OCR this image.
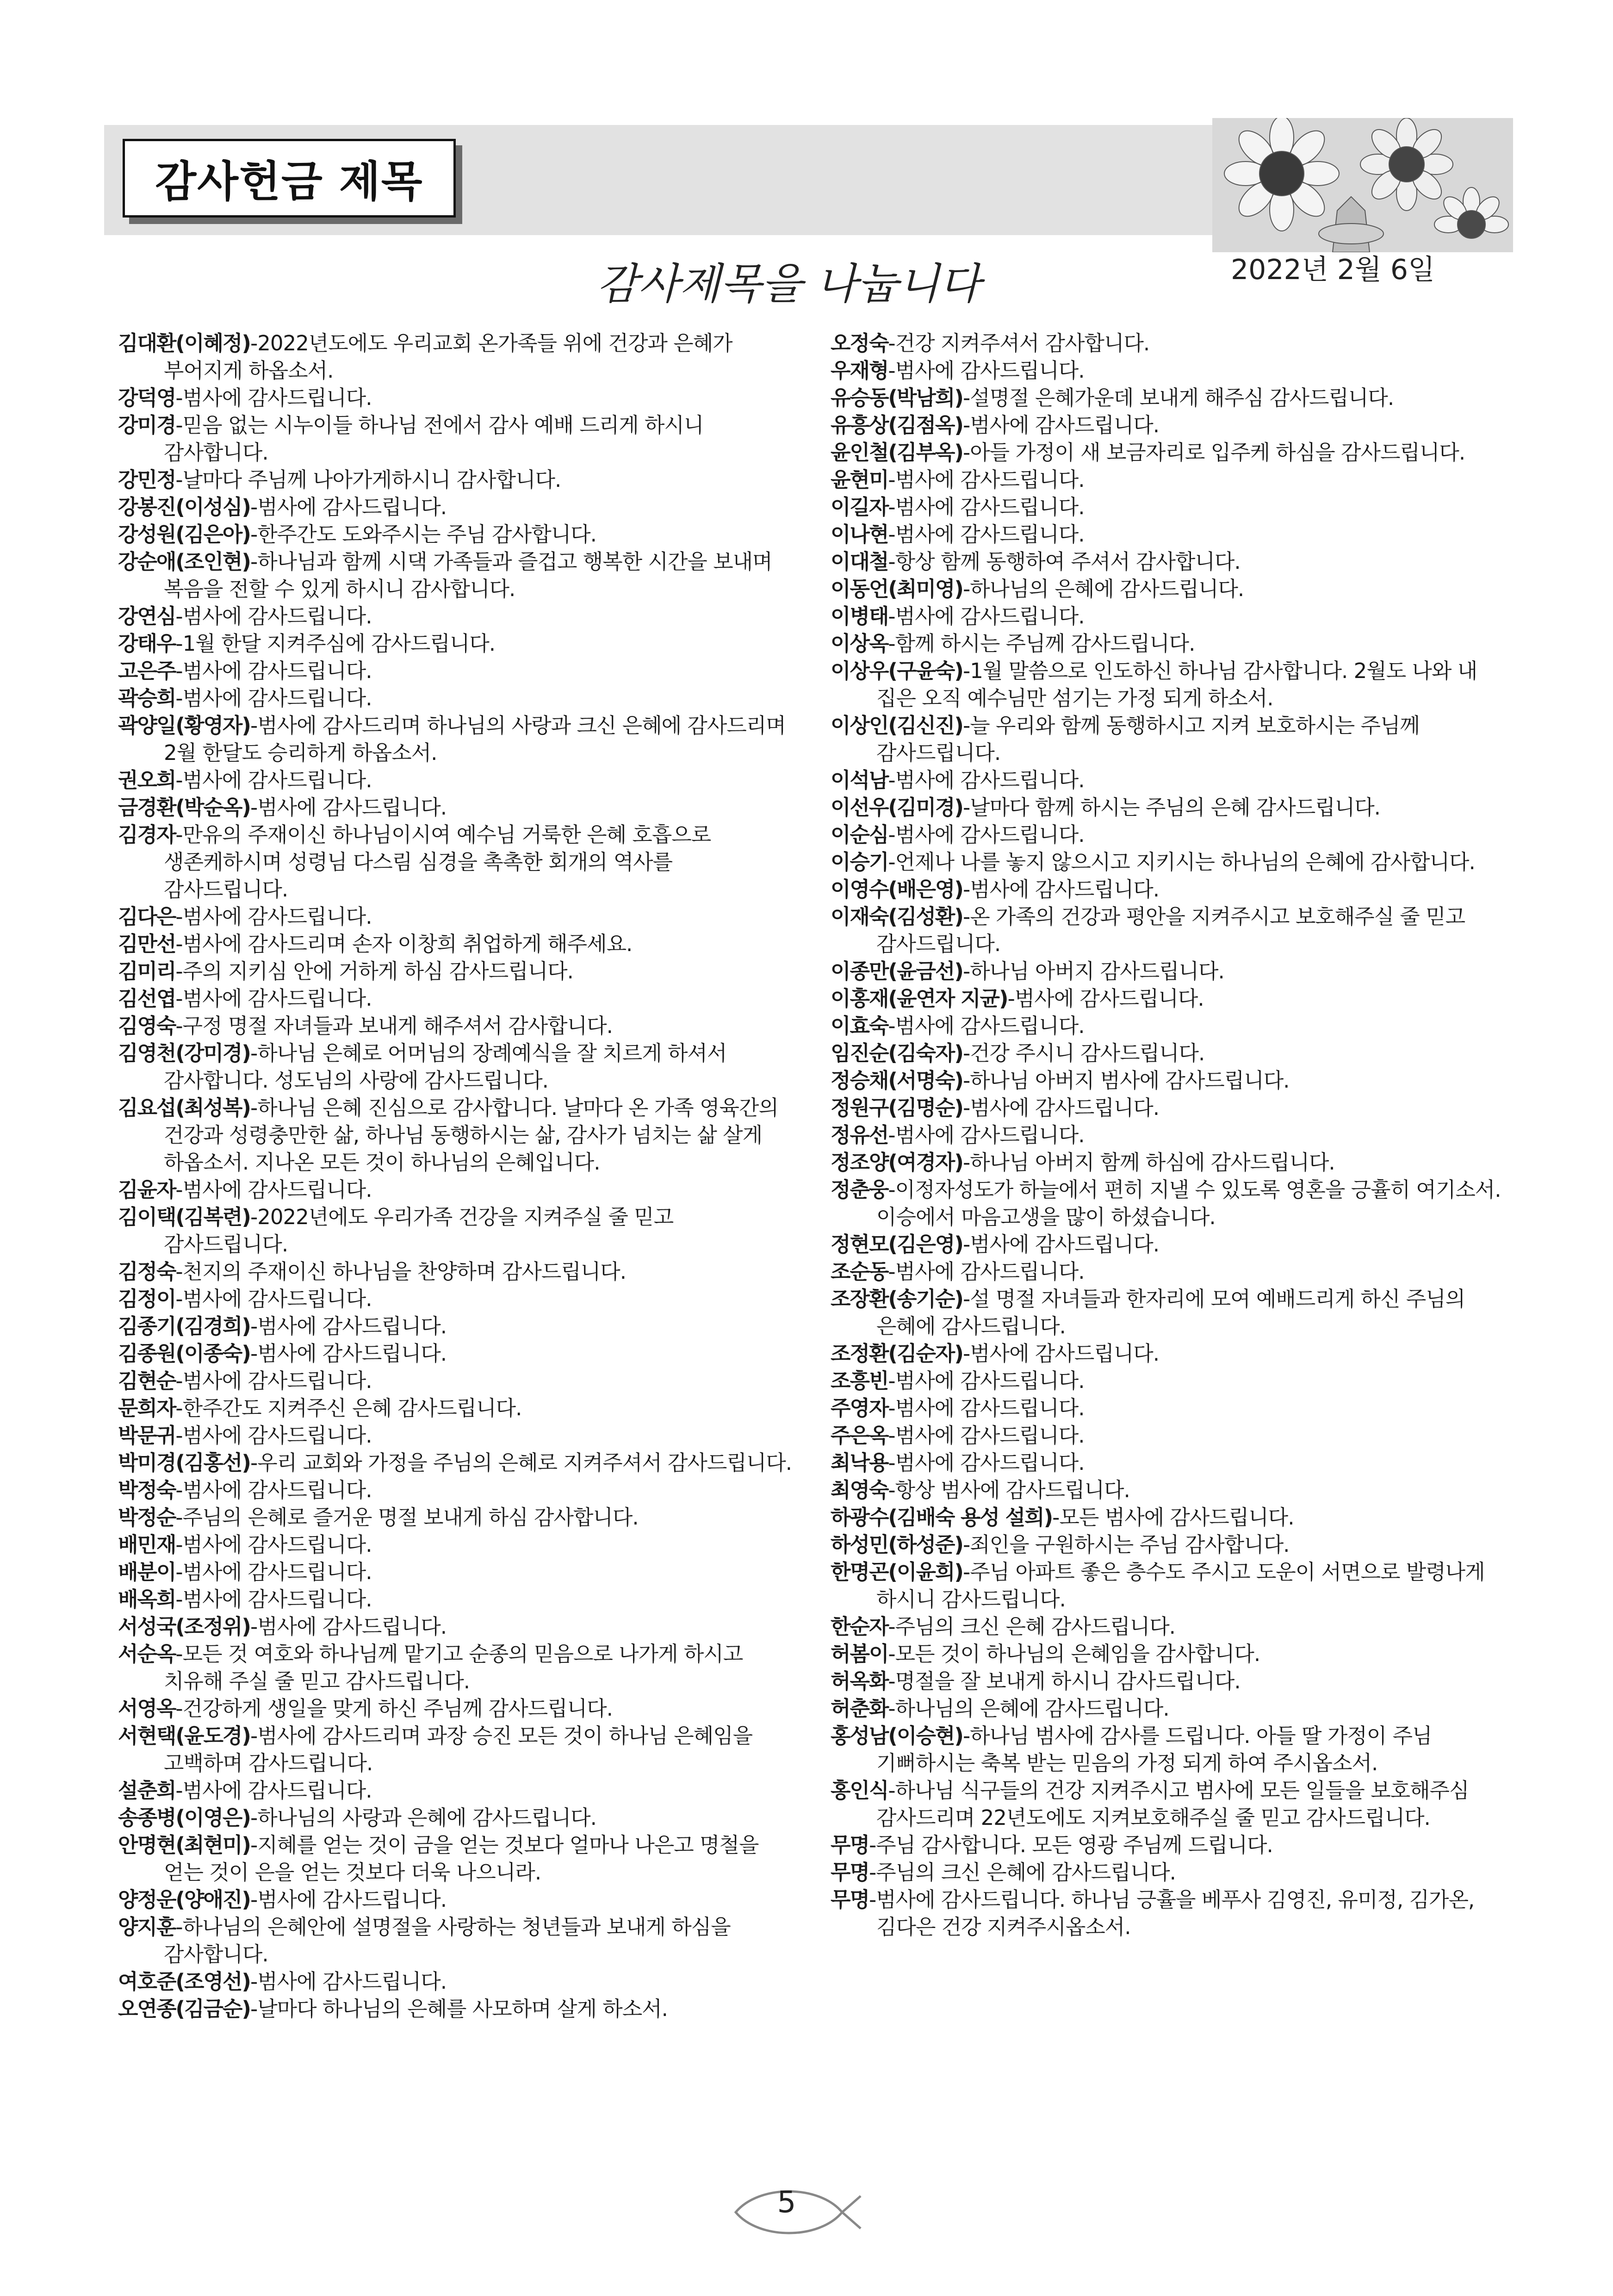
감사헌금 제목
감사제목을 나눕니다	2022년 2월 6일
김대환(이혜정)-2022년도에도 우리교회 온가족들 위에 건강과 은혜가 부어지게 하옵소서.
강덕영-범사에 감사드립니다.
강미경-믿음 없는 시누이들 하나님 전에서 감사 예배 드리게 하시니 감사합니다.
강민정-날마다 주님께 나아가게하시니 감사합니다.
강봉진(이성심)-범사에 감사드립니다.
강성원(김은아)-한주간도 도와주시는 주님 감사합니다.
강순애(조인현)-하나님과 함께 시댁 가족들과 즐겁고 행복한 시간을 보내며 복음을 전할 수 있게 하시니 감사합니다.
강연심-범사에 감사드립니다.
강태우-1월 한달 지켜주심에 감사드립니다.
고은주-범사에 감사드립니다.
곽승희-범사에 감사드립니다.
곽양일(황영자)-범사에 감사드리며 하나님의 사랑과 크신 은혜에 감사드리며 2월 한달도 승리하게 하옵소서.
권오희-범사에 감사드립니다.
금경환(박순옥)-범사에 감사드립니다.
김경자-만유의 주재이신 하나님이시여 예수님 거룩한 은혜 호흡으로 생존케하시며 성령님 다스림 심경을 촉촉한 회개의 역사를 감사드립니다.
김다은-범사에 감사드립니다.
김만선-범사에 감사드리며 손자 이창희 취업하게 해주세요.
김미리-주의 지키심 안에 거하게 하심 감사드립니다.
김선엽-범사에 감사드립니다.
김영숙-구정 명절 자녀들과 보내게 해주셔서 감사합니다.
김영천(강미경)-하나님 은혜로 어머님의 장례예식을 잘 치르게 하셔서 감사합니다. 성도님의 사랑에 감사드립니다.
김요섭(최성복)-하나님 은혜 진심으로 감사합니다. 날마다 온 가족 영육간의 건강과 성령충만한 삶, 하나님 동행하시는 삶, 감사가 넘치는 삶 살게 하옵소서. 지나온 모든 것이 하나님의 은혜입니다.
김윤자-범사에 감사드립니다.
김이택(김복련)-2022년에도 우리가족 건강을 지켜주실 줄 믿고 감사드립니다.
김정숙-천지의 주재이신 하나님을 찬양하며 감사드립니다.
김정이-범사에 감사드립니다.
김종기(김경희)-범사에 감사드립니다.
김종원(이종숙)-범사에 감사드립니다.
김현순-범사에 감사드립니다.
문희자-한주간도 지켜주신 은혜 감사드립니다.
박문귀-범사에 감사드립니다.
박미경(김홍선)-우리 교회와 가정을 주님의 은혜로 지켜주셔서 감사드립니다.
박정숙-범사에 감사드립니다.
박정순-주님의 은혜로 즐거운 명절 보내게 하심 감사합니다.
배민재-범사에 감사드립니다.
배분이-범사에 감사드립니다.
배옥희-범사에 감사드립니다.
서성국(조정위)-범사에 감사드립니다.
서순옥-모든 것 여호와 하나님께 맡기고 순종의 믿음으로 나가게 하시고 치유해 주실 줄 믿고 감사드립니다.
서영옥-건강하게 생일을 맞게 하신 주님께 감사드립니다.
서현택(윤도경)-범사에 감사드리며 과장 승진 모든 것이 하나님 은혜임을 고백하며 감사드립니다.
설춘희-범사에 감사드립니다.
송종병(이영은)-하나님의 사랑과 은혜에 감사드립니다.
안명현(최현미)-지혜를 얻는 것이 금을 얻는 것보다 얼마나 나은고 명철을 얻는 것이 은을 얻는 것보다 더욱 나으니라.
양정운(양애진)-범사에 감사드립니다.
양지훈-하나님의 은혜안에 설명절을 사랑하는 청년들과 보내게 하심을 감사합니다.
여호준(조영선)-범사에 감사드립니다.
오연종(김금순)-날마다 하나님의 은혜를 사모하며 살게 하소서.
오정숙-건강 지켜주셔서 감사합니다.
우재형-범사에 감사드립니다.
유승동(박남희)-설명절 은혜가운데 보내게 해주심 감사드립니다.
유흥상(김점옥)-범사에 감사드립니다.
윤인철(김부옥)-아들 가정이 새 보금자리로 입주케 하심을 감사드립니다.
윤현미-범사에 감사드립니다.
이길자-범사에 감사드립니다.
이나현-범사에 감사드립니다.
이대철-항상 함께 동행하여 주셔서 감사합니다.
이동언(최미영)-하나님의 은혜에 감사드립니다.
이병태-범사에 감사드립니다.
이상옥-함께 하시는 주님께 감사드립니다.
이상우(구윤숙)-1월 말씀으로 인도하신 하나님 감사합니다. 2월도 나와 내 집은 오직 예수님만 섬기는 가정 되게 하소서.
이상인(김신진)-늘 우리와 함께 동행하시고 지켜 보호하시는 주님께 감사드립니다.
이석남-범사에 감사드립니다.
이선우(김미경)-날마다 함께 하시는 주님의 은혜 감사드립니다.
이순심-범사에 감사드립니다.
이승기-언제나 나를 놓지 않으시고 지키시는 하나님의 은혜에 감사합니다.
이영수(배은영)-범사에 감사드립니다.
이재숙(김성환)-온 가족의 건강과 평안을 지켜주시고 보호해주실 줄 믿고 감사드립니다.
이종만(윤금선)-하나님 아버지 감사드립니다.
이홍재(윤연자 지균)-범사에 감사드립니다.
이효숙-범사에 감사드립니다.
임진순(김숙자)-건강 주시니 감사드립니다.
정승채(서명숙)-하나님 아버지 범사에 감사드립니다.
정원구(김명순)-범사에 감사드립니다.
정유선-범사에 감사드립니다.
정조양(여경자)-하나님 아버지 함께 하심에 감사드립니다.
정춘웅-이정자성도가 하늘에서 편히 지낼 수 있도록 영혼을 긍휼히 여기소서. 이승에서 마음고생을 많이 하셨습니다.
정현모(김은영)-범사에 감사드립니다.
조순동-범사에 감사드립니다.
조장환(송기순)-설 명절 자녀들과 한자리에 모여 예배드리게 하신 주님의 은혜에 감사드립니다.
조정환(김순자)-범사에 감사드립니다.
조흥빈-범사에 감사드립니다.
주영자-범사에 감사드립니다.
주은옥-범사에 감사드립니다.
최낙용-범사에 감사드립니다.
최영숙-항상 범사에 감사드립니다.
하광수(김배숙 용성 설희)-모든 범사에 감사드립니다.
하성민(하성준)-죄인을 구원하시는 주님 감사합니다.
한명곤(이윤희)-주님 아파트 좋은 층수도 주시고 도운이 서면으로 발령나게 하시니 감사드립니다.
한순자-주님의 크신 은혜 감사드립니다.
허봄이-모든 것이 하나님의 은혜임을 감사합니다.
허옥화-명절을 잘 보내게 하시니 감사드립니다.
허춘화-하나님의 은혜에 감사드립니다.
홍성남(이승현)-하나님 범사에 감사를 드립니다. 아들 딸 가정이 주님 기뻐하시는 축복 받는 믿음의 가정 되게 하여 주시옵소서.
홍인식-하나님 식구들의 건강 지켜주시고 범사에 모든 일들을 보호해주심 감사드리며 22년도에도 지켜보호해주실 줄 믿고 감사드립니다.
무명-주님 감사합니다. 모든 영광 주님께 드립니다.
무명-주님의 크신 은혜에 감사드립니다.
무명-범사에 감사드립니다. 하나님 긍휼을 베푸사 김영진, 유미정, 김가온, 김다은 건강 지켜주시옵소서.
5
